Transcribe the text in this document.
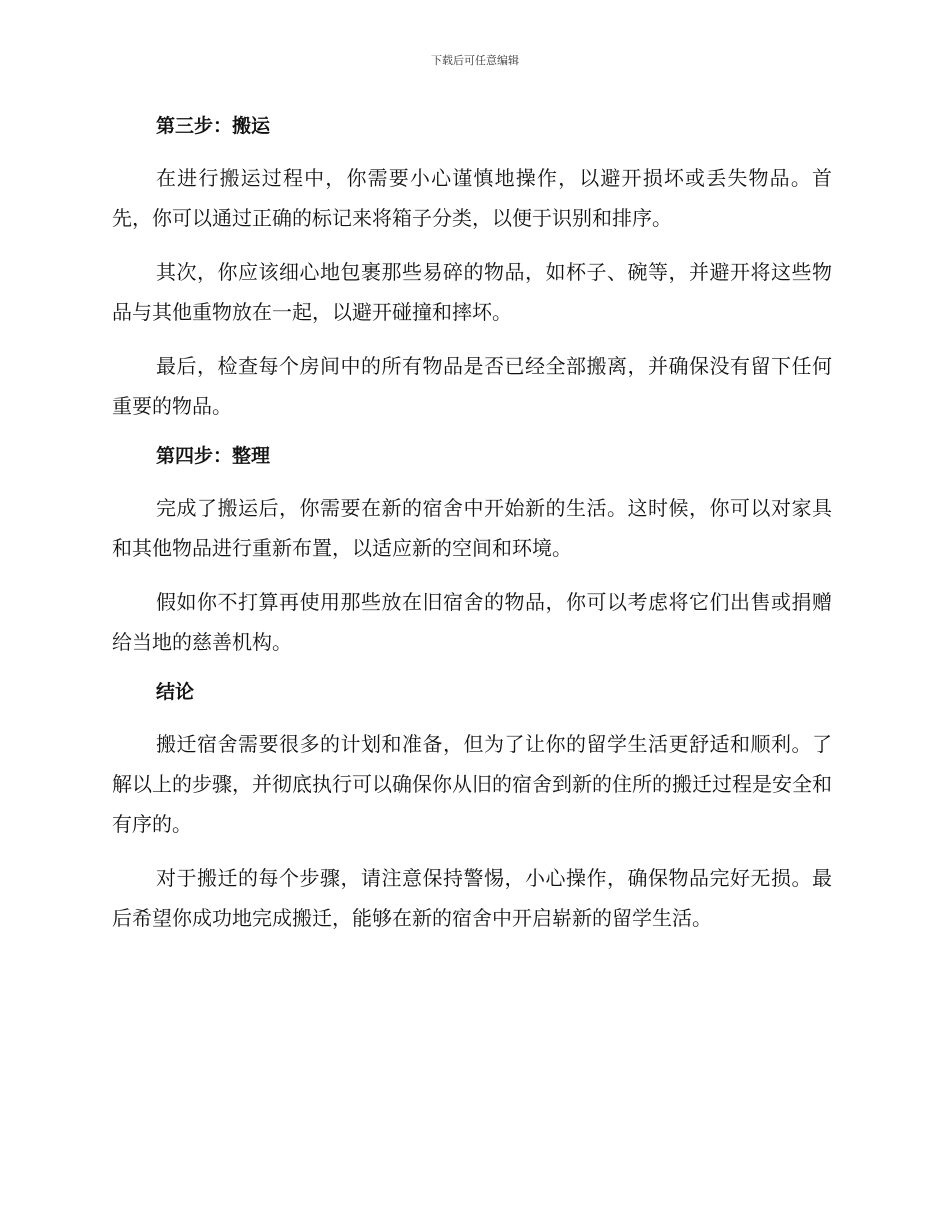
下载后可任意编辑
第三步：搬运

在进行搬运过程中，你需要小心谨慎地操作，以避开损坏或丢失物品。首先，你可以通过正确的标记来将箱子分类，以便于识别和排序。

其次，你应该细心地包裹那些易碎的物品，如杯子、碗等，并避开将这些物品与其他重物放在一起，以避开碰撞和摔坏。

最后，检查每个房间中的所有物品是否已经全部搬离，并确保没有留下任何重要的物品。

第四步：整理

完成了搬运后，你需要在新的宿舍中开始新的生活。这时候，你可以对家具和其他物品进行重新布置，以适应新的空间和环境。

假如你不打算再使用那些放在旧宿舍的物品，你可以考虑将它们出售或捐赠给当地的慈善机构。

结论

搬迁宿舍需要很多的计划和准备，但为了让你的留学生活更舒适和顺利。了解以上的步骤，并彻底执行可以确保你从旧的宿舍到新的住所的搬迁过程是安全和有序的。

对于搬迁的每个步骤，请注意保持警惕，小心操作，确保物品完好无损。最后希望你成功地完成搬迁，能够在新的宿舍中开启崭新的留学生活。
